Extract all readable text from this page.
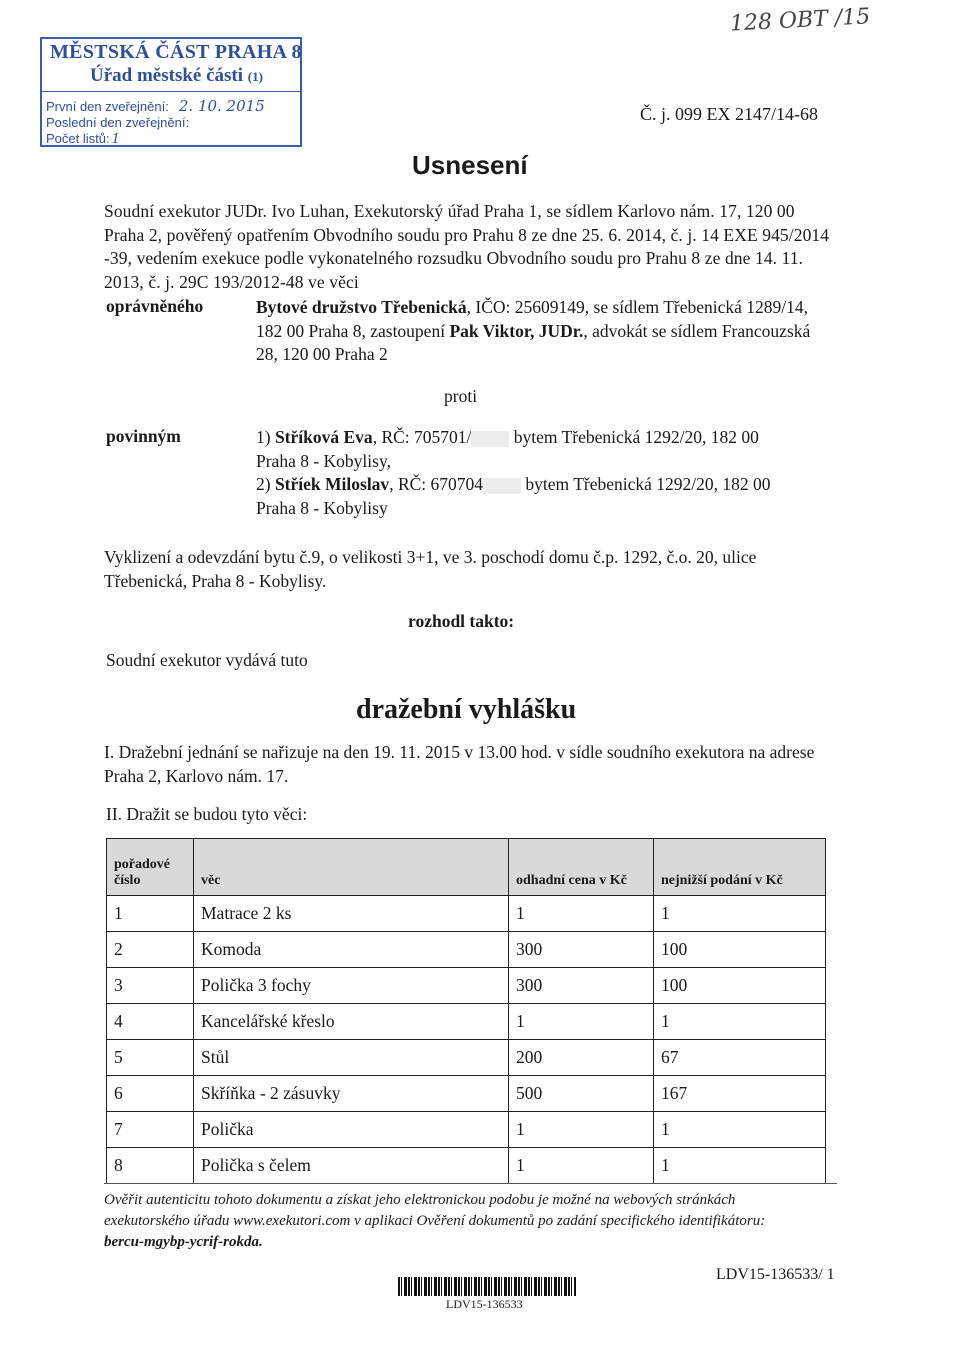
MĚSTSKÁ ČÁST PRAHA 8
Úřad městské části (1)
První den zveřejnění: 2. 10. 2015
Poslední den zveřejnění:
Počet listů: 1
128 OBT /15
Č. j. 099 EX 2147/14-68
Usnesení
Soudní exekutor JUDr. Ivo Luhan, Exekutorský úřad Praha 1, se sídlem Karlovo nám. 17, 120 00 Praha 2, pověřený opatřením Obvodního soudu pro Prahu 8 ze dne 25. 6. 2014, č. j. 14 EXE 945/2014 -39, vedením exekuce podle vykonatelného rozsudku Obvodního soudu pro Prahu 8 ze dne 14. 11. 2013, č. j. 29C 193/2012-48 ve věci
oprávněného	Bytové družstvo Třebenická, IČO: 25609149, se sídlem Třebenická 1289/14, 182 00 Praha 8, zastoupení Pak Viktor, JUDr., advokát se sídlem Francouzská 28, 120 00 Praha 2
proti
povinným	1) Stříková Eva, RČ: 705701/ bytem Třebenická 1292/20, 182 00
Praha 8 - Kobylisy,
2) Stříek Miloslav, RČ: 670704 bytem Třebenická 1292/20, 182 00
Praha 8 - Kobylisy
Vyklizení a odevzdání bytu č.9, o velikosti 3+1, ve 3. poschodí domu č.p. 1292, č.o. 20, ulice Třebenická, Praha 8 - Kobylisy.
rozhodl takto:
Soudní exekutor vydává tuto
dražební vyhlášku
I. Dražební jednání se nařizuje na den 19. 11. 2015 v 13.00 hod. v sídle soudního exekutora na adrese Praha 2, Karlovo nám. 17.
II. Dražit se budou tyto věci:
pořadové číslo	věc	odhadní cena v Kč	nejnižší podání v Kč
1	Matrace 2 ks	1	1
2	Komoda	300	100
3	Polička 3 fochy	300	100
4	Kancelářské křeslo	1	1
5	Stůl	200	67
6	Skříňka - 2 zásuvky	500	167
7	Polička	1	1
8	Polička s čelem	1	1
Ověřit autenticitu tohoto dokumentu a získat jeho elektronickou podobu je možné na webových stránkách exekutorského úřadu www.exekutori.com v aplikaci Ověření dokumentů po zadání specifického identifikátoru:
bercu-mgybp-ycrif-rokda.
LDV15-136533
LDV15-136533/ 1
